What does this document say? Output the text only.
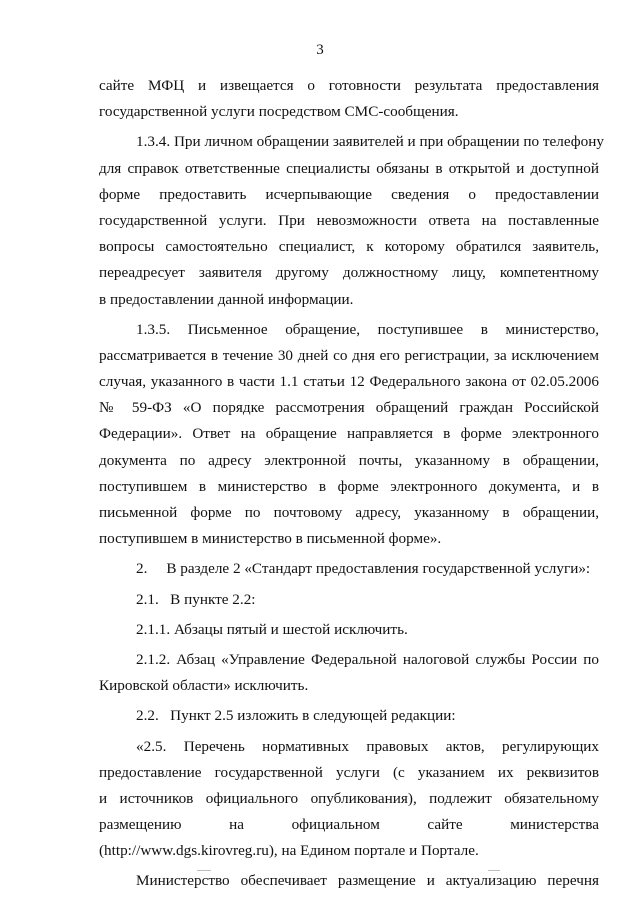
3
сайте МФЦ и извещается о готовности результата предоставления
государственной услуги посредством СМС-сообщения.
1.3.4. При личном обращении заявителей и при обращении по телефону
для справок ответственные специалисты обязаны в открытой и доступной
форме предоставить исчерпывающие сведения о предоставлении
государственной услуги. При невозможности ответа на поставленные
вопросы самостоятельно специалист, к которому обратился заявитель,
переадресует заявителя другому должностному лицу, компетентному
в предоставлении данной информации.
1.3.5. Письменное обращение, поступившее в министерство,
рассматривается в течение 30 дней со дня его регистрации, за исключением
случая, указанного в части 1.1 статьи 12 Федерального закона от 02.05.2006
№ 59-ФЗ «О порядке рассмотрения обращений граждан Российской
Федерации». Ответ на обращение направляется в форме электронного
документа по адресу электронной почты, указанному в обращении,
поступившем в министерство в форме электронного документа, и в
письменной форме по почтовому адресу, указанному в обращении,
поступившем в министерство в письменной форме».
2.     В разделе 2 «Стандарт предоставления государственной услуги»:
2.1.   В пункте 2.2:
2.1.1. Абзацы пятый и шестой исключить.
2.1.2. Абзац «Управление Федеральной налоговой службы России по
Кировской области» исключить.
2.2.   Пункт 2.5 изложить в следующей редакции:
«2.5. Перечень нормативных правовых актов, регулирующих
предоставление государственной услуги (с указанием их реквизитов
и источников официального опубликования), подлежит обязательному
размещению на официальном сайте министерства
(http://www.dgs.kirovreg.ru), на Едином портале и Портале.
Министерство обеспечивает размещение и актуализацию перечня
